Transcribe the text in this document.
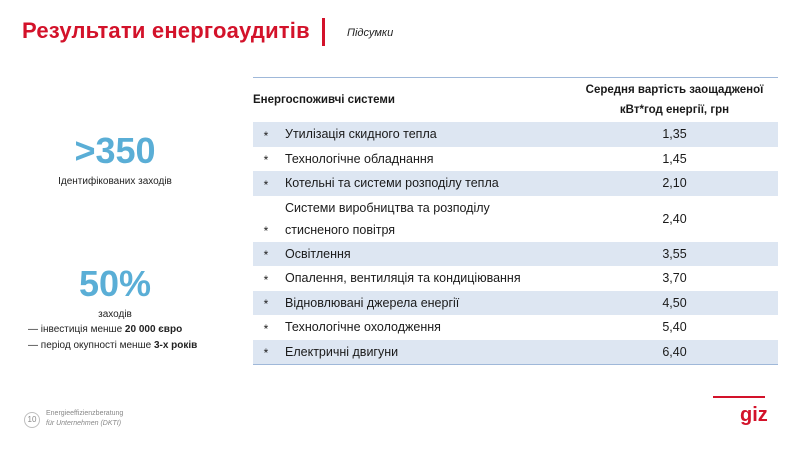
Результати енергоаудитів	Підсумки
>350
Ідентифікованих заходів
50%
заходів
— інвестиція менше 20 000 євро
— період окупності менше 3-х років
Енергоспоживчі системи		Середня вартість заощадженої
кВт*год енергії, грн

*	Утилізація скидного тепла	1,35
*	Технологічне обладнання	1,45
*	Котельні та системи розподілу тепла	2,10
*	Системи виробництва та розподілу
стисненого повітря	2,40
*	Освітлення	3,55
*	Опалення, вентиляція та кондиціювання	3,70
*	Відновлювані джерела енергії	4,50
*	Технологічне охолодження	5,40
*	Електричні двигуни	6,40
10
Energieeffizienzberatung
für Unternehmen (DKTI)	giz
